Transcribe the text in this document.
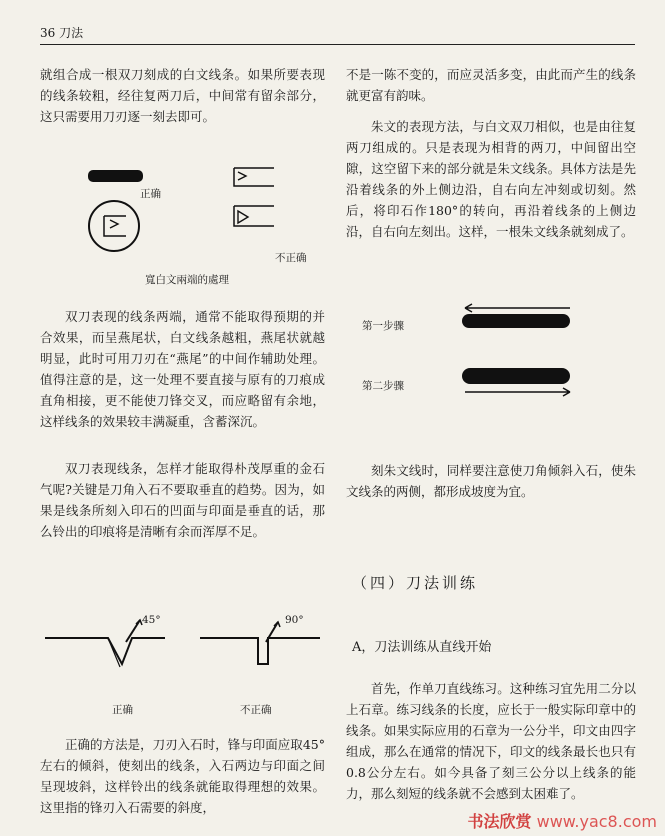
36 刀法

就组合成一根双刀刻成的白文线条。如果所要表现的线条较粗，经往复两刀后，中间常有留余部分，这只需要用刀刃逐一刻去即可。

正确
不正确
寬白文兩端的處理

双刀表现的线条两端，通常不能取得预期的并合效果，而呈燕尾状，白文线条越粗，燕尾状就越明显，此时可用刀刃在“燕尾”的中间作辅助处理。值得注意的是，这一处理不要直接与原有的刀痕成直角相接，更不能使刀锋交叉，而应略留有余地，这样线条的效果较丰满凝重，含蓄深沉。

双刀表现线条，怎样才能取得朴茂厚重的金石气呢?关键是刀角入石不要取垂直的趋势。因为，如果是线条所刻入印石的凹面与印面是垂直的话，那么铃出的印痕将是清晰有余而浑厚不足。

45°	90°
正确	不正确

正确的方法是，刀刃入石时，锋与印面应取45°左右的倾斜，使刻出的线条，入石两边与印面之间呈现坡斜，这样铃出的线条就能取得理想的效果。这里指的锋刃入石需要的斜度，

不是一陈不变的，而应灵活多变，由此而产生的线条就更富有韵味。

朱文的表现方法，与白文双刀相似，也是由往复两刀组成的。只是表现为相背的两刀，中间留出空隙，这空留下来的部分就是朱文线条。具体方法是先沿着线条的外上侧边沿，自右向左冲刻或切刻。然后，将印石作180°的转向，再沿着线条的上侧边沿，自右向左刻出。这样，一根朱文线条就刻成了。

第一步骤
第二步骤

刻朱文线时，同样要注意使刀角倾斜入石，使朱文线条的两侧，都形成坡度为宜。

（四）刀法训练
A，刀法训练从直线开始

首先，作单刀直线练习。这种练习宜先用二分以上石章。练习线条的长度，应长于一般实际印章中的线条。如果实际应用的石章为一公分半，印文由四字组成，那么在通常的情况下，印文的线条最长也只有0.8公分左右。如今具备了刻三公分以上线条的能力，那么刻短的线条就不会感到太困难了。

书法欣赏 www.yac8.com
